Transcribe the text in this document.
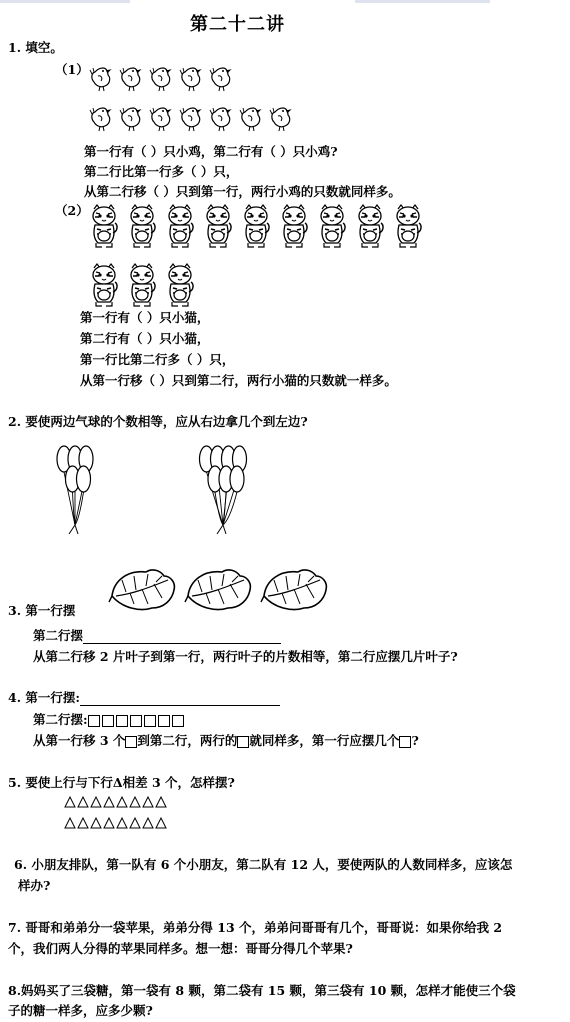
第二十二讲
1. 填空。
（1）
第一行有（ ）只小鸡，第二行有（ ）只小鸡?
第二行比第一行多（ ）只，
从第二行移（ ）只到第一行，两行小鸡的只数就同样多。
（2）
第一行有（ ）只小猫，
第二行有（ ）只小猫，
第一行比第二行多（ ）只，
从第一行移（ ）只到第二行，两行小猫的只数就一样多。
2. 要使两边气球的个数相等，应从右边拿几个到左边?
3. 第一行摆
第二行摆
从第二行移 2 片叶子到第一行，两行叶子的片数相等，第二行应摆几片叶子?
4. 第一行摆:
第二行摆:
从第一行移 3 个 到第二行，两行的 就同样多，第一行应摆几个 ?
5. 要使上行与下行Δ相差 3 个，怎样摆?
6. 小朋友排队，第一队有 6 个小朋友，第二队有 12 人，要使两队的人数同样多，应该怎
样办?
7. 哥哥和弟弟分一袋苹果，弟弟分得 13 个，弟弟问哥哥有几个，哥哥说：如果你给我 2
个，我们两人分得的苹果同样多。想一想：哥哥分得几个苹果?
8.妈妈买了三袋糖，第一袋有 8 颗，第二袋有 15 颗，第三袋有 10 颗，怎样才能使三个袋
子的糖一样多，应多少颗?
